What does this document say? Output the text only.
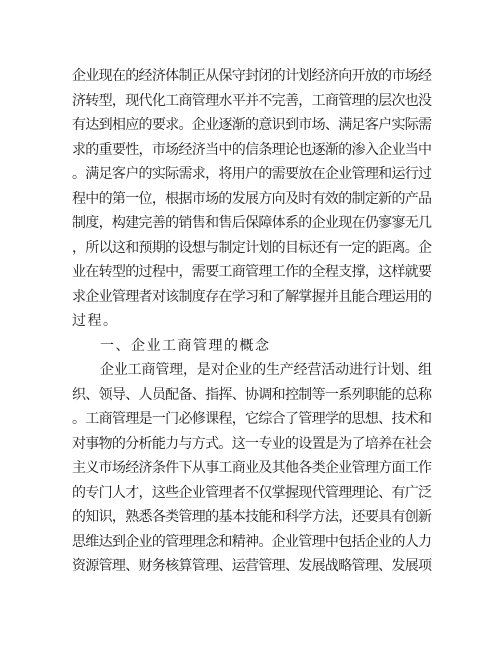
企业现在的经济体制正从保守封闭的计划经济向开放的市场经
济转型，现代化工商管理水平并不完善，工商管理的层次也没
有达到相应的要求。企业逐渐的意识到市场、满足客户实际需
求的重要性，市场经济当中的信条理论也逐渐的渗入企业当中
。满足客户的实际需求，将用户的需要放在企业管理和运行过
程中的第一位，根据市场的发展方向及时有效的制定新的产品
制度，构建完善的销售和售后保障体系的企业现在仍寥寥无几
，所以这和预期的设想与制定计划的目标还有一定的距离。企
业在转型的过程中，需要工商管理工作的全程支撑，这样就要
求企业管理者对该制度存在学习和了解掌握并且能合理运用的
过程。
一、企业工商管理的概念
企业工商管理，是对企业的生产经营活动进行计划、组
织、领导、人员配备、指挥、协调和控制等一系列职能的总称
。工商管理是一门必修课程，它综合了管理学的思想、技术和
对事物的分析能力与方式。这一专业的设置是为了培养在社会
主义市场经济条件下从事工商业及其他各类企业管理方面工作
的专门人才，这些企业管理者不仅掌握现代管理理论、有广泛
的知识，熟悉各类管理的基本技能和科学方法，还要具有创新
思维达到企业的管理理念和精神。企业管理中包括企业的人力
资源管理、财务核算管理、运营管理、发展战略管理、发展项
